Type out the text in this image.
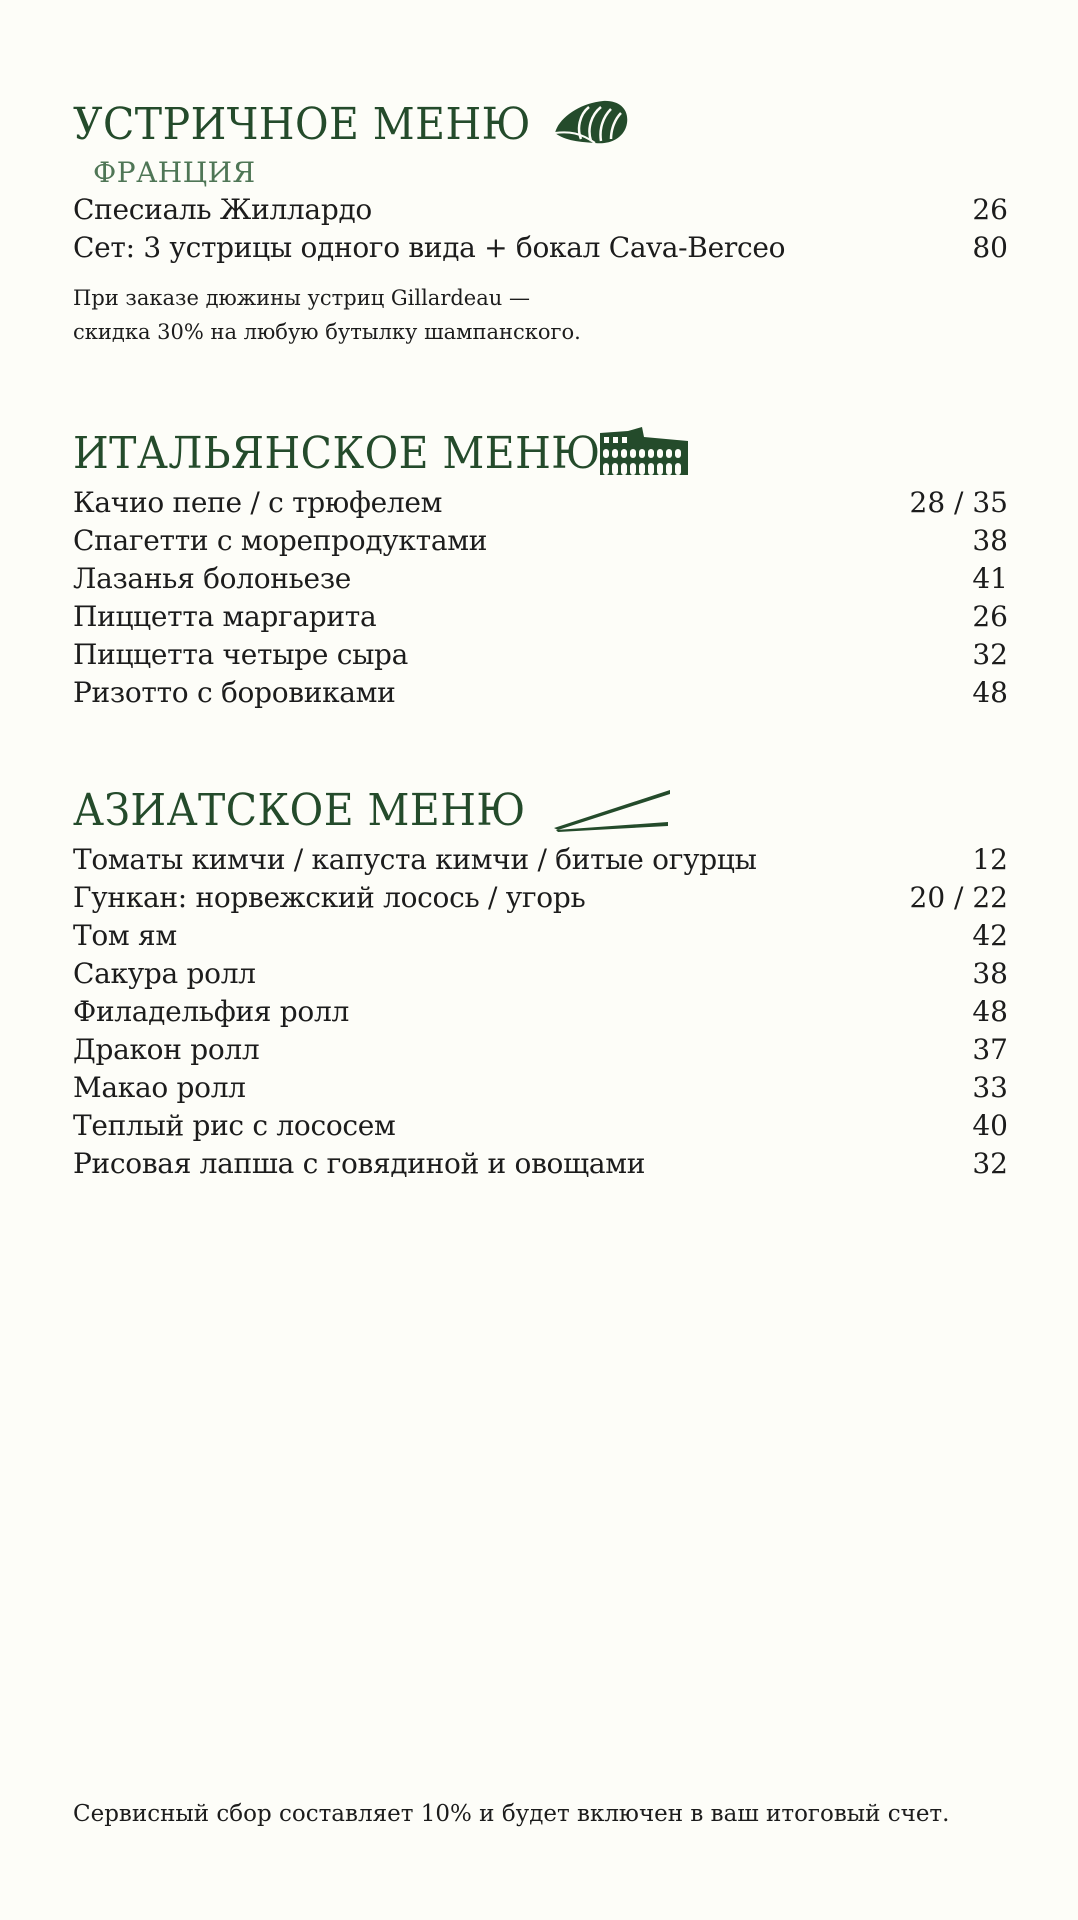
УСТРИЧНОЕ МЕНЮ
ФРАНЦИЯ
Спесиаль Жиллардо	26
Сет: 3 устрицы одного вида + бокал Cava-Berceo	80
При заказе дюжины устриц Gillardeau —
скидка 30% на любую бутылку шампанского.
ИТАЛЬЯНСКОЕ МЕНЮ
Качио пепе / с трюфелем	28 / 35
Спагетти с морепродуктами	38
Лазанья болоньезе	41
Пиццетта маргарита	26
Пиццетта четыре сыра	32
Ризотто с боровиками	48
АЗИАТСКОЕ МЕНЮ
Томаты кимчи / капуста кимчи / битые огурцы	12
Гункан: норвежский лосось / угорь	20 / 22
Том ям	42
Сакура ролл	38
Филадельфия ролл	48
Дракон ролл	37
Макао ролл	33
Теплый рис с лососем	40
Рисовая лапша с говядиной и овощами	32
Сервисный сбор составляет 10% и будет включен в ваш итоговый счет.
